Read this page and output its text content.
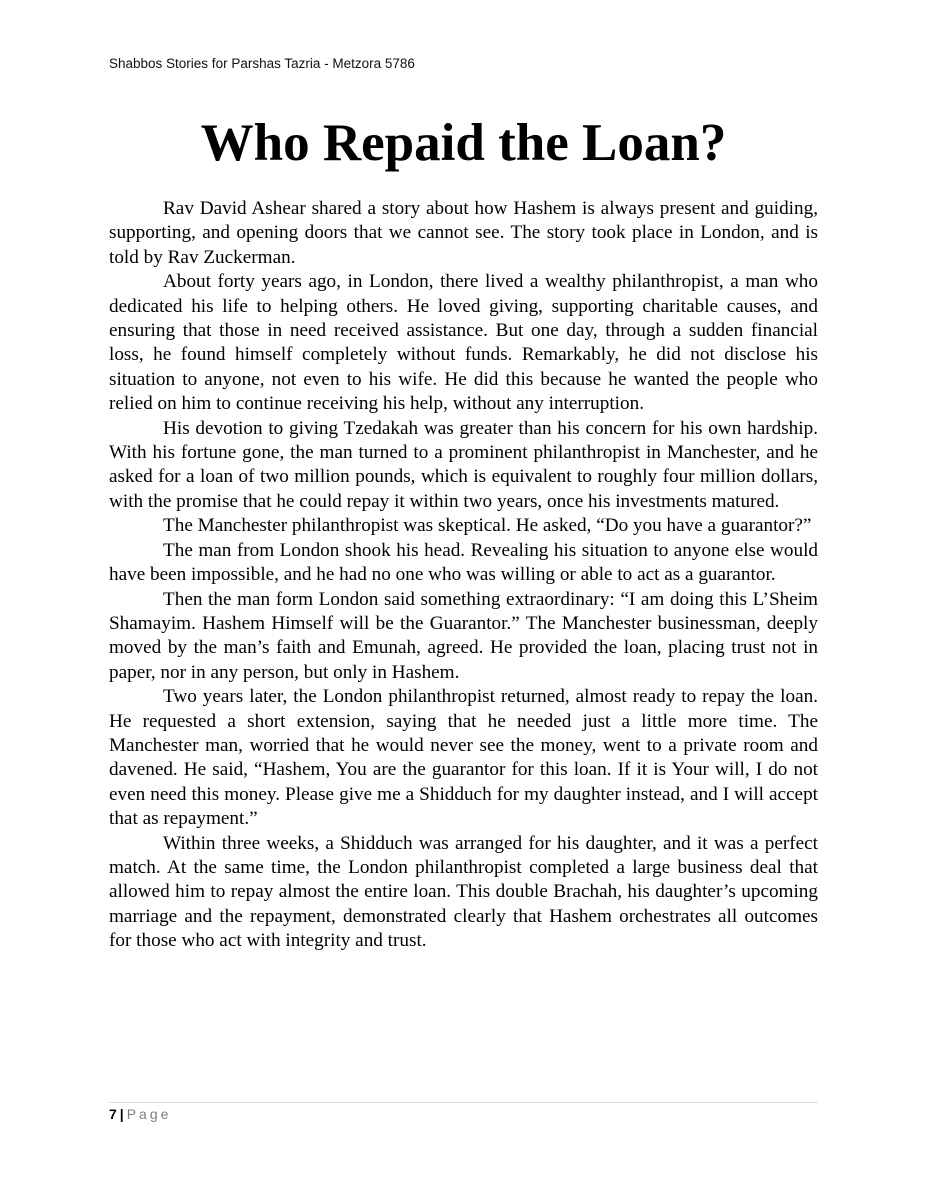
Shabbos Stories for Parshas Tazria - Metzora 5786
Who Repaid the Loan?

Rav David Ashear shared a story about how Hashem is always present and guiding, supporting, and opening doors that we cannot see. The story took place in London, and is told by Rav Zuckerman.

About forty years ago, in London, there lived a wealthy philanthropist, a man who dedicated his life to helping others. He loved giving, supporting charitable causes, and ensuring that those in need received assistance. But one day, through a sudden financial loss, he found himself completely without funds. Remarkably, he did not disclose his situation to anyone, not even to his wife. He did this because he wanted the people who relied on him to continue receiving his help, without any interruption.

His devotion to giving Tzedakah was greater than his concern for his own hardship. With his fortune gone, the man turned to a prominent philanthropist in Manchester, and he asked for a loan of two million pounds, which is equivalent to roughly four million dollars, with the promise that he could repay it within two years, once his investments matured.

The Manchester philanthropist was skeptical. He asked, “Do you have a guarantor?”

The man from London shook his head. Revealing his situation to anyone else would have been impossible, and he had no one who was willing or able to act as a guarantor.

Then the man form London said something extraordinary: “I am doing this L’Sheim Shamayim. Hashem Himself will be the Guarantor.” The Manchester businessman, deeply moved by the man’s faith and Emunah, agreed. He provided the loan, placing trust not in paper, nor in any person, but only in Hashem.

Two years later, the London philanthropist returned, almost ready to repay the loan. He requested a short extension, saying that he needed just a little more time. The Manchester man, worried that he would never see the money, went to a private room and davened. He said, “Hashem, You are the guarantor for this loan. If it is Your will, I do not even need this money. Please give me a Shidduch for my daughter instead, and I will accept that as repayment.”

Within three weeks, a Shidduch was arranged for his daughter, and it was a perfect match. At the same time, the London philanthropist completed a large business deal that allowed him to repay almost the entire loan. This double Brachah, his daughter’s upcoming marriage and the repayment, demonstrated clearly that Hashem orchestrates all outcomes for those who act with integrity and trust.

7 | Page
